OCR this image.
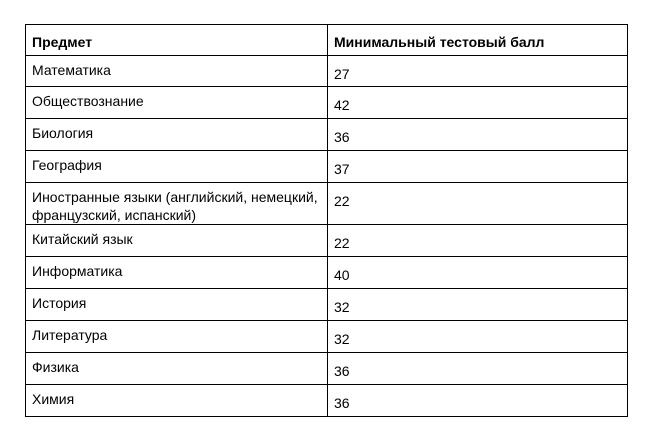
Предмет	Минимальный тестовый балл
Математика	27
Обществознание	42
Биология	36
География	37
Иностранные языки (английский, немецкий, французский, испанский)	22
Китайский язык	22
Информатика	40
История	32
Литература	32
Физика	36
Химия	36
